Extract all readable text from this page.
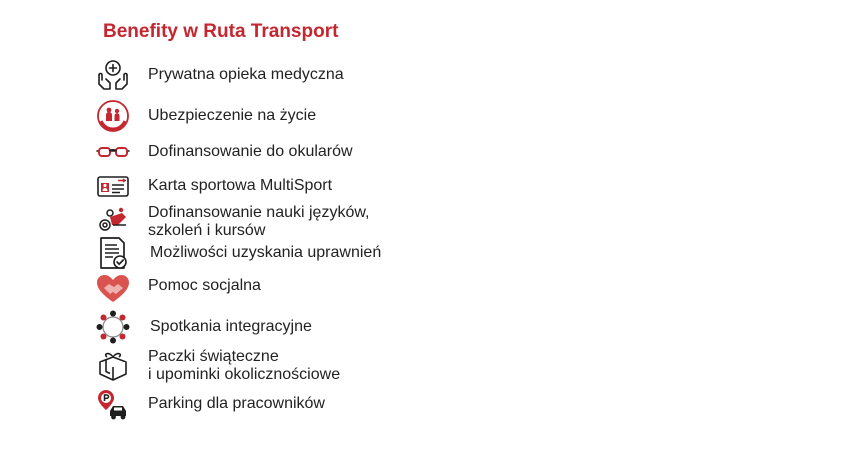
Benefity w Ruta Transport
Prywatna opieka medyczna
Ubezpieczenie na życie
Dofinansowanie do okularów
Karta sportowa MultiSport
Dofinansowanie nauki języków,
szkoleń i kursów
Możliwości uzyskania uprawnień
Pomoc socjalna
Spotkania integracyjne
Paczki świąteczne
i upominki okolicznościowe
Parking dla pracowników
